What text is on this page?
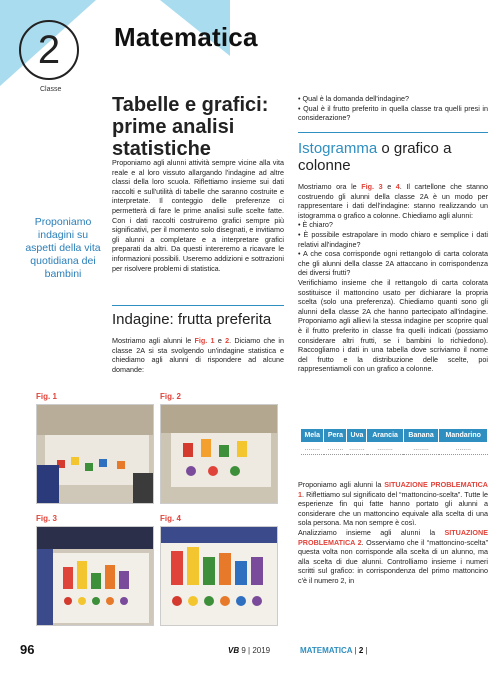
2
Classe
Matematica
Tabelle e grafici: prime analisi statistiche
Proponiamo indagini su aspetti della vita quotidiana dei bambini
Proponiamo agli alunni attività sempre vicine alla vita reale e al loro vissuto allargando l'indagine ad altre classi della loro scuola. Riflettiamo insieme sui dati raccolti e sull'utilità di tabelle che saranno costruite e interpretate. Il conteggio delle preferenze ci permetterà di fare le prime analisi sulle scelte fatte. Con i dati raccolti costruiremo grafici sempre più significativi, per il momento solo disegnati, e invitiamo gli alunni a completare e a interpretare grafici preparati da altri. Da questi intereremo a ricavare le informazioni possibili. Useremo addizioni e sottrazioni per risolvere problemi di statistica.
Indagine: frutta preferita
Mostriamo agli alunni le Fig. 1 e 2. Diciamo che in classe 2A si sta svolgendo un'indagine statistica e chiediamo agli alunni di rispondere ad alcune domande:
• Qual è la domanda dell'indagine?
• Qual è il frutto preferito in quella classe tra quelli presi in considerazione?
Istogramma o grafico a colonne
Mostriamo ora le Fig. 3 e 4. Il cartellone che stanno costruendo gli alunni della classe 2A è un modo per rappresentare i dati dell'indagine: stanno realizzando un istogramma o grafico a colonne. Chiediamo agli alunni:
• È chiaro?
• È possibile estrapolare in modo chiaro e semplice i dati relativi all'indagine?
• A che cosa corrisponde ogni rettangolo di carta colorata che gli alunni della classe 2A attaccano in corrispondenza dei diversi frutti?
Verifichiamo insieme che il rettangolo di carta colorata sostituisce il mattoncino usato per dichiarare la propria scelta (solo una preferenza). Chiediamo quanti sono gli alunni della classe 2A che hanno partecipato all'indagine. Proponiamo agli allievi la stessa indagine per scoprire qual è il frutto preferito in classe fra quelli indicati (possiamo considerare altri frutti, se i bambini lo richiedono). Raccogliamo i dati in una tabella dove scriviamo il nome del frutto e la distribuzione delle scelte, poi rappresentiamoli con un grafico a colonne.
Mela	Pera	Uva	Arancia	Banana	Mandarino
........	........	........	........	........	........
Proponiamo agli alunni la SITUAZIONE PROBLEMATICA 1. Riflettiamo sul significato del “mattoncino-scelta”. Tutte le esperienze fin qui fatte hanno portato gli alunni a considerare che un mattoncino equivale alla scelta di una sola persona. Ma non sempre è così.
Analizziamo insieme agli alunni la SITUAZIONE PROBLEMATICA 2. Osserviamo che il “mattoncino-scelta” questa volta non corrisponde alla scelta di un alunno, ma alla scelta di due alunni. Controlliamo insieme i numeri scritti sul grafico: in corrispondenza del primo mattoncino c'è il numero 2, in
Fig. 1	Fig. 2
Fig. 3	Fig. 4
96	VB 9 | 2019	MATEMATICA | 2 |
